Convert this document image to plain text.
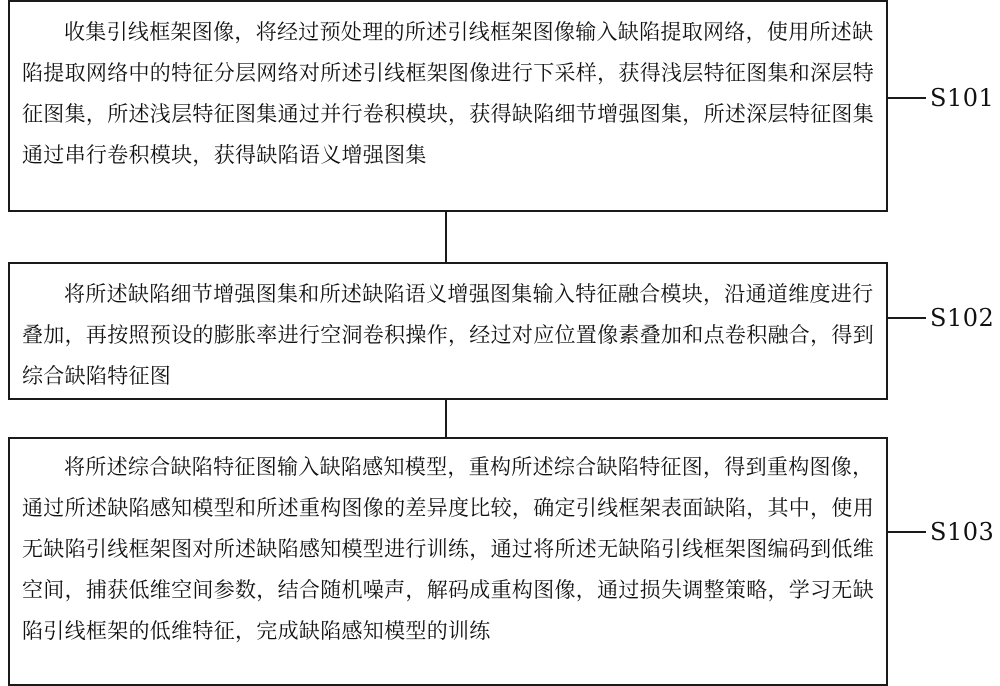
收集引线框架图像，将经过预处理的所述引线框架图像输入缺陷提取网络，使用所述缺陷提取网络中的特征分层网络对所述引线框架图像进行下采样，获得浅层特征图集和深层特征图集，所述浅层特征图集通过并行卷积模块，获得缺陷细节增强图集，所述深层特征图集通过串行卷积模块，获得缺陷语义增强图集

将所述缺陷细节增强图集和所述缺陷语义增强图集输入特征融合模块，沿通道维度进行叠加，再按照预设的膨胀率进行空洞卷积操作，经过对应位置像素叠加和点卷积融合，得到综合缺陷特征图

将所述综合缺陷特征图输入缺陷感知模型，重构所述综合缺陷特征图，得到重构图像，通过所述缺陷感知模型和所述重构图像的差异度比较，确定引线框架表面缺陷，其中，使用无缺陷引线框架图对所述缺陷感知模型进行训练，通过将所述无缺陷引线框架图编码到低维空间，捕获低维空间参数，结合随机噪声，解码成重构图像，通过损失调整策略，学习无缺陷引线框架的低维特征，完成缺陷感知模型的训练

S101
S102
S103
